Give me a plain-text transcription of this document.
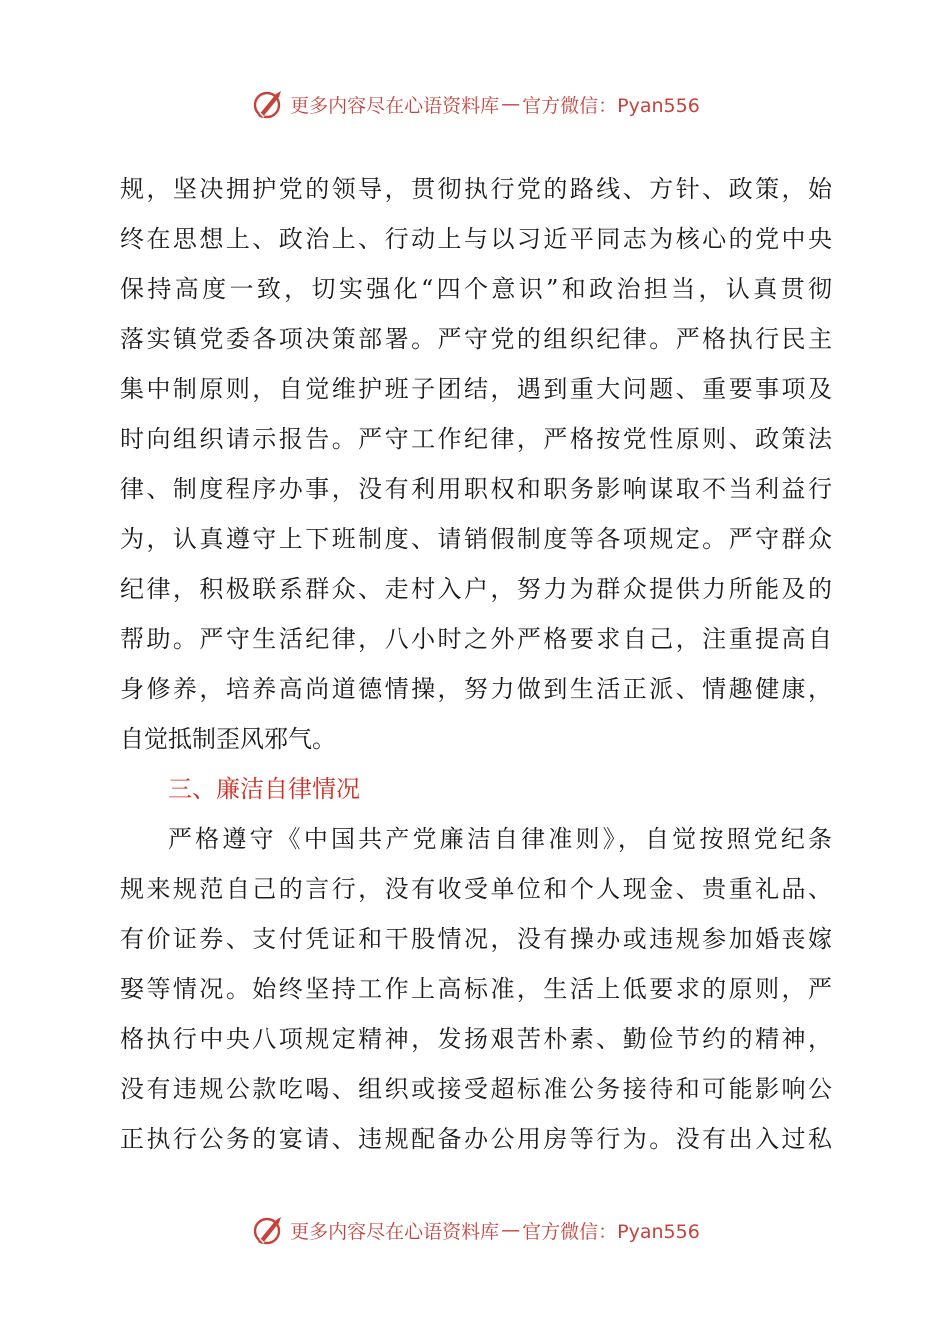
更多内容尽在心语资料库 — 官方微信：Pyan556
规，坚决拥护党的领导，贯彻执行党的路线、方针、政策，始
终在思想上、政治上、行动上与以习近平同志为核心的党中央
保持高度一致，切实强化“四个意识”和政治担当，认真贯彻
落实镇党委各项决策部署。严守党的组织纪律。严格执行民主
集中制原则，自觉维护班子团结，遇到重大问题、重要事项及
时向组织请示报告。严守工作纪律，严格按党性原则、政策法
律、制度程序办事，没有利用职权和职务影响谋取不当利益行
为，认真遵守上下班制度、请销假制度等各项规定。严守群众
纪律，积极联系群众、走村入户，努力为群众提供力所能及的
帮助。严守生活纪律，八小时之外严格要求自己，注重提高自
身修养，培养高尚道德情操，努力做到生活正派、情趣健康，
自觉抵制歪风邪气。
三、廉洁自律情况
严格遵守《中国共产党廉洁自律准则》，自觉按照党纪条
规来规范自己的言行，没有收受单位和个人现金、贵重礼品、
有价证券、支付凭证和干股情况，没有操办或违规参加婚丧嫁
娶等情况。始终坚持工作上高标准，生活上低要求的原则，严
格执行中央八项规定精神，发扬艰苦朴素、勤俭节约的精神，
没有违规公款吃喝、组织或接受超标准公务接待和可能影响公
正执行公务的宴请、违规配备办公用房等行为。没有出入过私
更多内容尽在心语资料库 — 官方微信：Pyan556
